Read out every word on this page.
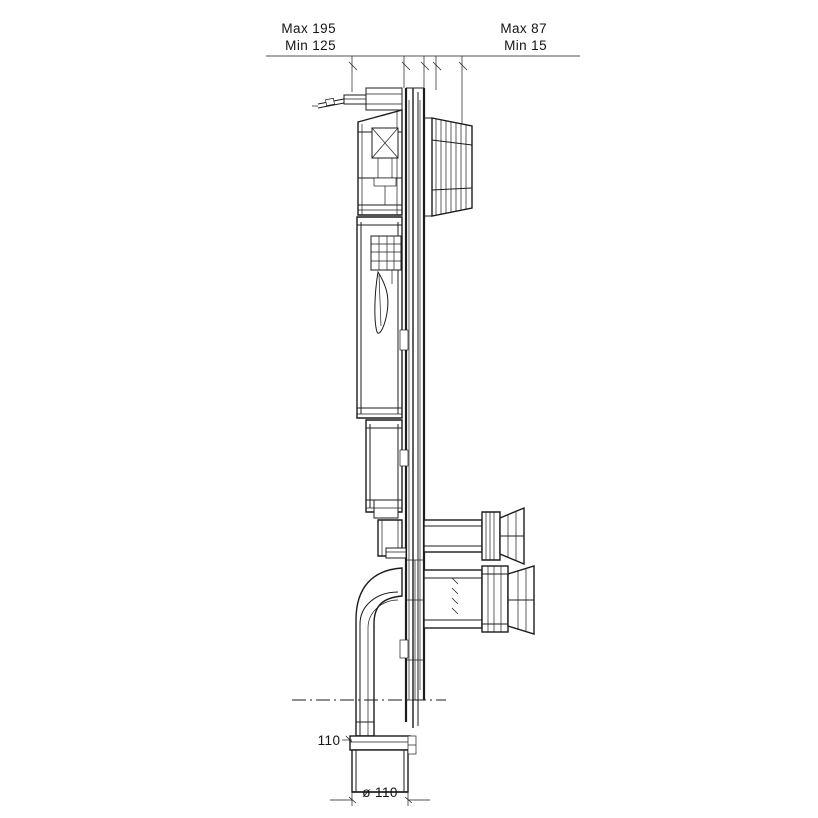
Max 195
Min 125
Max 87
Min 15
110
ø 110
